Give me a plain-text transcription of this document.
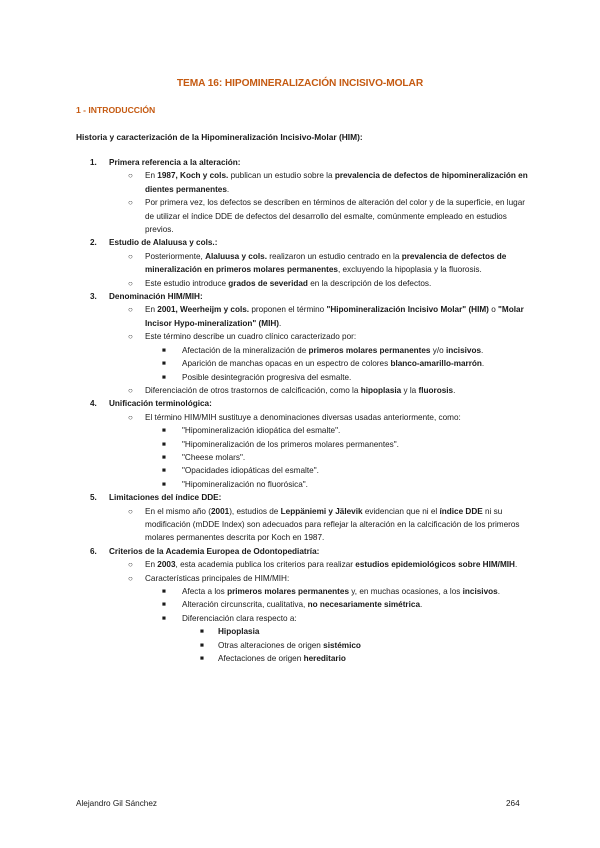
TEMA 16: HIPOMINERALIZACIÓN INCISIVO-MOLAR
1 - INTRODUCCIÓN
Historia y caracterización de la Hipomineralización Incisivo-Molar (HIM):
1.	Primera referencia a la alteración:
○	En 1987, Koch y cols. publican un estudio sobre la prevalencia de defectos de hipomineralización en dientes permanentes.
○	Por primera vez, los defectos se describen en términos de alteración del color y de la superficie, en lugar de utilizar el índice DDE de defectos del desarrollo del esmalte, comúnmente empleado en estudios previos.
2.	Estudio de Alaluusa y cols.:
○	Posteriormente, Alaluusa y cols. realizaron un estudio centrado en la prevalencia de defectos de mineralización en primeros molares permanentes, excluyendo la hipoplasia y la fluorosis.
○	Este estudio introduce grados de severidad en la descripción de los defectos.
3.	Denominación HIM/MIH:
○	En 2001, Weerheijm y cols. proponen el término "Hipomineralización Incisivo Molar" (HIM) o "Molar Incisor Hypo-mineralization" (MIH).
○	Este término describe un cuadro clínico caracterizado por:
■	Afectación de la mineralización de primeros molares permanentes y/o incisivos.
■	Aparición de manchas opacas en un espectro de colores blanco-amarillo-marrón.
■	Posible desintegración progresiva del esmalte.
○	Diferenciación de otros trastornos de calcificación, como la hipoplasia y la fluorosis.
4.	Unificación terminológica:
○	El término HIM/MIH sustituye a denominaciones diversas usadas anteriormente, como:
■	"Hipomineralización idiopática del esmalte".
■	"Hipomineralización de los primeros molares permanentes".
■	"Cheese molars".
■	"Opacidades idiopáticas del esmalte".
■	"Hipomineralización no fluorósica".
5.	Limitaciones del índice DDE:
○	En el mismo año (2001), estudios de Leppäniemi y Jälevik evidencian que ni el índice DDE ni su modificación (mDDE Index) son adecuados para reflejar la alteración en la calcificación de los primeros molares permanentes descrita por Koch en 1987.
6.	Criterios de la Academia Europea de Odontopediatría:
○	En 2003, esta academia publica los criterios para realizar estudios epidemiológicos sobre HIM/MIH.
○	Características principales de HIM/MIH:
■	Afecta a los primeros molares permanentes y, en muchas ocasiones, a los incisivos.
■	Alteración circunscrita, cualitativa, no necesariamente simétrica.
■	Diferenciación clara respecto a:
■	Hipoplasia
■	Otras alteraciones de origen sistémico
■	Afectaciones de origen hereditario
Alejandro Gil Sánchez	264
